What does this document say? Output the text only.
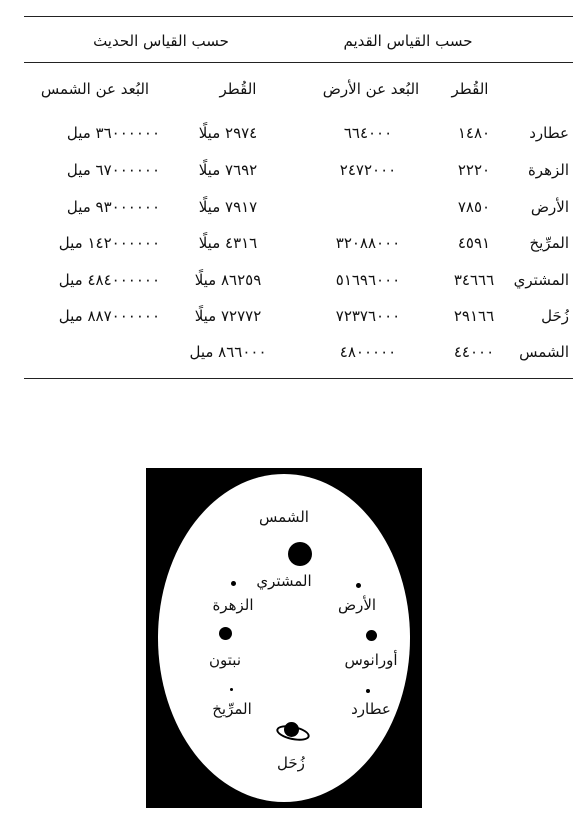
حسب القياس القديم
حسب القياس الحديث
القُطر
البُعد عن الأرض
القُطر
البُعد عن الشمس
عطارد
١٤٨٠
٦٦٤٠٠٠
٢٩٧٤ ميلًا
٣٦٠٠٠٠٠٠ ميل
الزهرة
٢٢٢٠
٢٤٧٢٠٠٠
٧٦٩٢ ميلًا
٦٧٠٠٠٠٠٠ ميل
الأرض
٧٨٥٠
٧٩١٧ ميلًا
٩٣٠٠٠٠٠٠ ميل
المرِّيخ
٤٥٩١
٣٢٠٨٨٠٠٠
٤٣١٦ ميلًا
١٤٢٠٠٠٠٠٠ ميل
المشتري
٣٤٦٦٦
٥١٦٩٦٠٠٠
٨٦٢٥٩ ميلًا
٤٨٤٠٠٠٠٠٠ ميل
زُحَل
٢٩١٦٦
٧٢٣٧٦٠٠٠
٧٢٧٧٢ ميلًا
٨٨٧٠٠٠٠٠٠ ميل
الشمس
٤٤٠٠٠
٤٨٠٠٠٠٠
٨٦٦٠٠٠ ميل
الشمس
المشتري
الزهرة	الأرض
نبتون	أورانوس
عطارد
المرِّيخ
زُحَل
